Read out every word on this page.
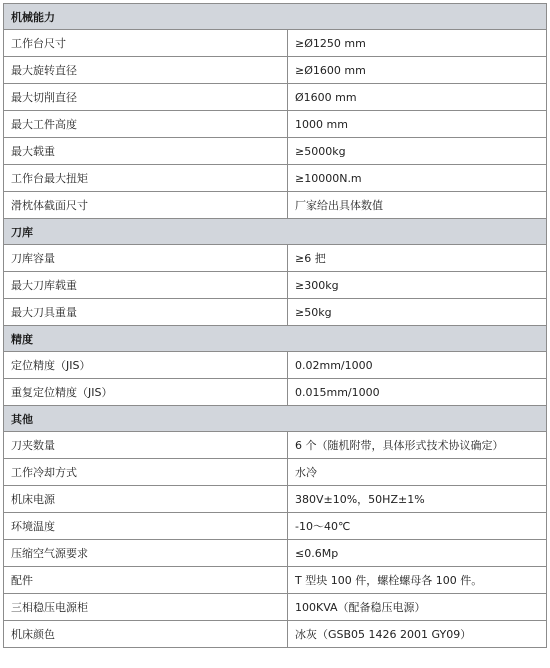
机械能力	
工作台尺寸	≥Ø1250 mm
最大旋转直径	≥Ø1600 mm
最大切削直径	Ø1600 mm
最大工件高度	1000 mm
最大载重	≥5000kg
工作台最大扭矩	≥10000N.m
滑枕体截面尺寸	厂家给出具体数值
刀库	
刀库容量	≥6 把
最大刀库载重	≥300kg
最大刀具重量	≥50kg
精度	
定位精度（JIS）	0.02mm/1000
重复定位精度（JIS）	0.015mm/1000
其他	
刀夹数量	6 个（随机附带，具体形式技术协议确定）
工作冷却方式	水冷
机床电源	380V±10%，50HZ±1%
环境温度	-10～40℃
压缩空气源要求	≤0.6Mp
配件	T 型块 100 件，螺栓螺母各 100 件。
三相稳压电源柜	100KVA（配备稳压电源）
机床颜色	冰灰（GSB05 1426 2001 GY09）
